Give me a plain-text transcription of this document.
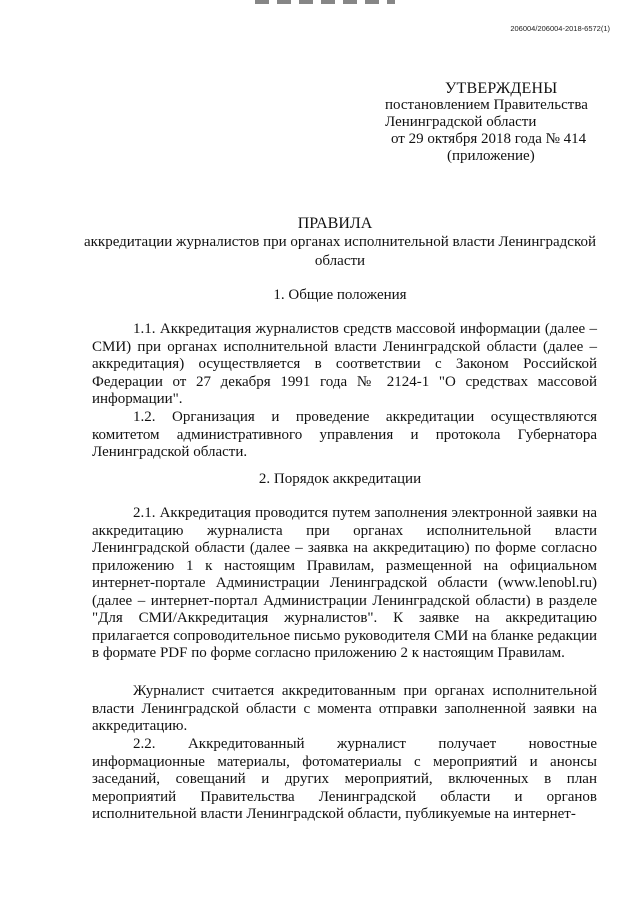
206004/206004-2018-6572(1)
УТВЕРЖДЕНЫ
постановлением Правительства
Ленинградской области
от 29 октября 2018 года № 414
(приложение)
ПРАВИЛА
аккредитации журналистов при органах исполнительной власти Ленинградской области
1. Общие положения

1.1. Аккредитация журналистов средств массовой информации (далее – СМИ) при органах исполнительной власти Ленинградской области (далее – аккредитация) осуществляется в соответствии с Законом Российской Федерации от 27 декабря 1991 года № 2124-1 "О средствах массовой информации".

1.2. Организация и проведение аккредитации осуществляются комитетом административного управления и протокола Губернатора Ленинградской области.

2. Порядок аккредитации

2.1. Аккредитация проводится путем заполнения электронной заявки на аккредитацию журналиста при органах исполнительной власти Ленинградской области (далее – заявка на аккредитацию) по форме согласно приложению 1 к настоящим Правилам, размещенной на официальном интернет-портале Администрации Ленинградской области (www.lenobl.ru) (далее – интернет-портал Администрации Ленинградской области) в разделе "Для СМИ/Аккредитация журналистов". К заявке на аккредитацию прилагается сопроводительное письмо руководителя СМИ на бланке редакции в формате PDF по форме согласно приложению 2 к настоящим Правилам.

Журналист считается аккредитованным при органах исполнительной власти Ленинградской области с момента отправки заполненной заявки на аккредитацию.

2.2. Аккредитованный журналист получает новостные информационные материалы, фотоматериалы с мероприятий и анонсы заседаний, совещаний и других мероприятий, включенных в план мероприятий Правительства Ленинградской области и органов исполнительной власти Ленинградской области, публикуемые на интернет-
